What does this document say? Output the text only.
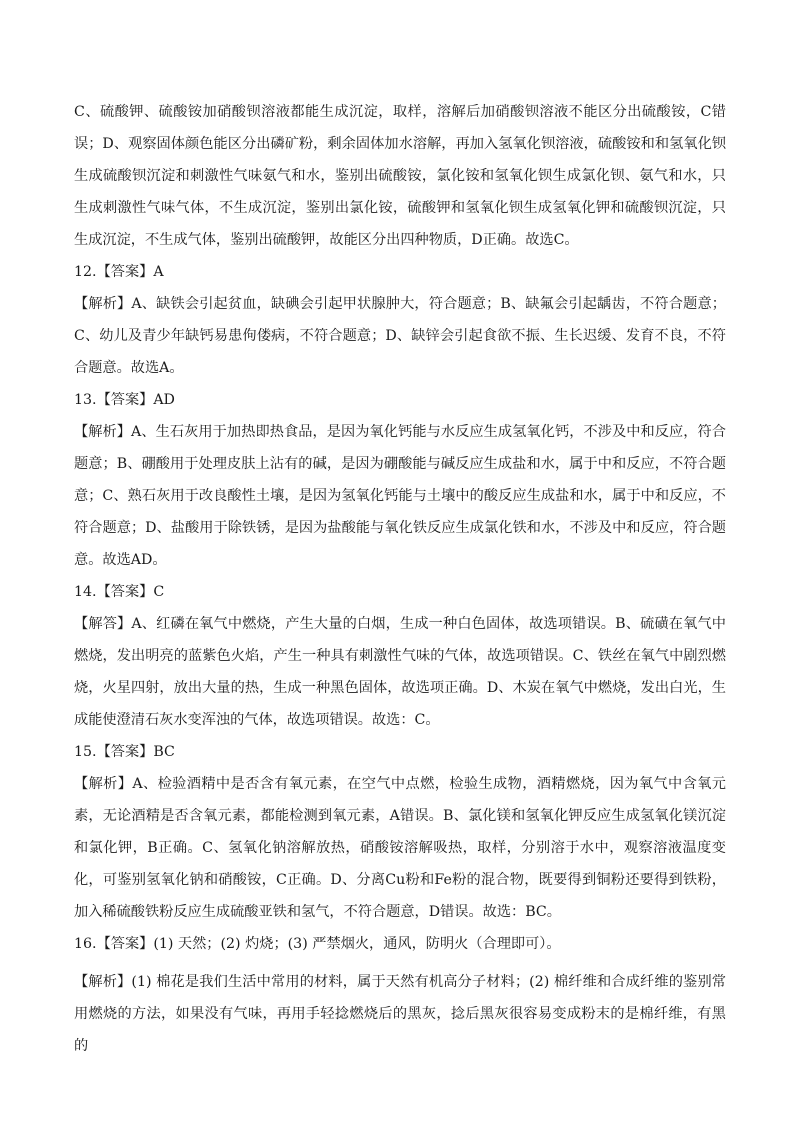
C、硫酸钾、硫酸铵加硝酸钡溶液都能生成沉淀，取样，溶解后加硝酸钡溶液不能区分出硫酸铵，C错误；D、观察固体颜色能区分出磷矿粉，剩余固体加水溶解，再加入氢氧化钡溶液，硫酸铵和和氢氧化钡生成硫酸钡沉淀和刺激性气味氨气和水，鉴别出硫酸铵，氯化铵和氢氧化钡生成氯化钡、氨气和水，只生成刺激性气味气体，不生成沉淀，鉴别出氯化铵，硫酸钾和氢氧化钡生成氢氧化钾和硫酸钡沉淀，只生成沉淀，不生成气体，鉴别出硫酸钾，故能区分出四种物质，D正确。故选C。

12.【答案】A

【解析】A、缺铁会引起贫血，缺碘会引起甲状腺肿大，符合题意；B、缺氟会引起龋齿，不符合题意；C、幼儿及青少年缺钙易患佝偻病，不符合题意；D、缺锌会引起食欲不振、生长迟缓、发育不良，不符合题意。故选A。

13.【答案】AD

【解析】A、生石灰用于加热即热食品，是因为氧化钙能与水反应生成氢氧化钙，不涉及中和反应，符合题意；B、硼酸用于处理皮肤上沾有的碱，是因为硼酸能与碱反应生成盐和水，属于中和反应，不符合题意；C、熟石灰用于改良酸性土壤，是因为氢氧化钙能与土壤中的酸反应生成盐和水，属于中和反应，不符合题意；D、盐酸用于除铁锈，是因为盐酸能与氧化铁反应生成氯化铁和水，不涉及中和反应，符合题意。故选AD。

14.【答案】C

【解答】A、红磷在氧气中燃烧，产生大量的白烟，生成一种白色固体，故选项错误。B、硫磺在氧气中燃烧，发出明亮的蓝紫色火焰，产生一种具有刺激性气味的气体，故选项错误。C、铁丝在氧气中剧烈燃烧，火星四射，放出大量的热，生成一种黑色固体，故选项正确。D、木炭在氧气中燃烧，发出白光，生成能使澄清石灰水变浑浊的气体，故选项错误。故选：C。

15.【答案】BC

【解析】A、检验酒精中是否含有氧元素，在空气中点燃，检验生成物，酒精燃烧，因为氧气中含氧元素，无论酒精是否含氧元素，都能检测到氧元素，A错误。B、氯化镁和氢氧化钾反应生成氢氧化镁沉淀和氯化钾，B正确。C、氢氧化钠溶解放热，硝酸铵溶解吸热，取样，分别溶于水中，观察溶液温度变化，可鉴别氢氧化钠和硝酸铵，C正确。D、分离Cu粉和Fe粉的混合物，既要得到铜粉还要得到铁粉，加入稀硫酸铁粉反应生成硫酸亚铁和氢气，不符合题意，D错误。故选：BC。

16.【答案】(1) 天然；(2) 灼烧；(3) 严禁烟火，通风，防明火（合理即可）。

【解析】(1) 棉花是我们生活中常用的材料，属于天然有机高分子材料；(2) 棉纤维和合成纤维的鉴别常用燃烧的方法，如果没有气味，再用手轻捻燃烧后的黑灰，捻后黑灰很容易变成粉末的是棉纤维，有黑的
